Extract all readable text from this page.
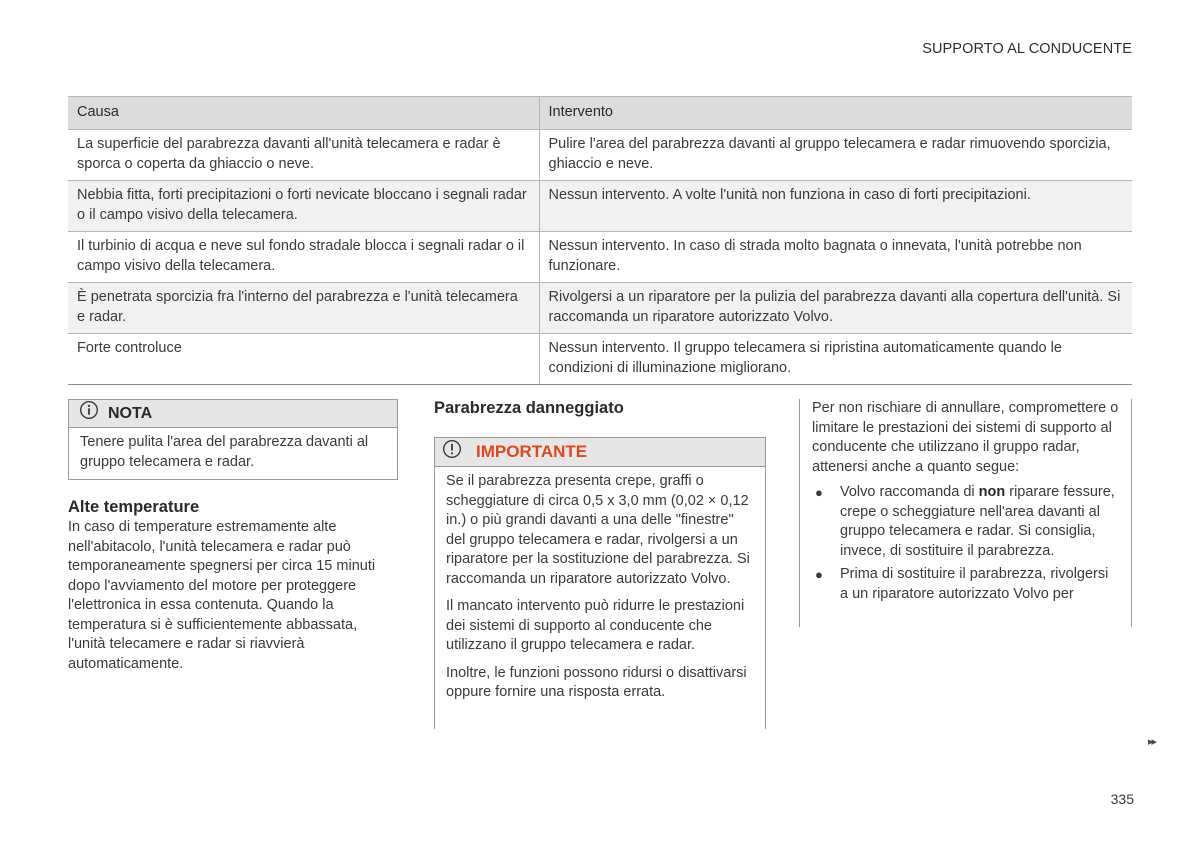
SUPPORTO AL CONDUCENTE
Causa	Intervento
La superficie del parabrezza davanti all'unità telecamera e radar è sporca o coperta da ghiaccio o neve.	Pulire l'area del parabrezza davanti al gruppo telecamera e radar rimuovendo sporcizia, ghiaccio e neve.
Nebbia fitta, forti precipitazioni o forti nevicate bloccano i segnali radar o il campo visivo della telecamera.	Nessun intervento. A volte l'unità non funziona in caso di forti precipitazioni.
Il turbinio di acqua e neve sul fondo stradale blocca i segnali radar o il campo visivo della telecamera.	Nessun intervento. In caso di strada molto bagnata o innevata, l'unità potrebbe non funzionare.
È penetrata sporcizia fra l'interno del parabrezza e l'unità telecamera e radar.	Rivolgersi a un riparatore per la pulizia del parabrezza davanti alla copertura dell'unità. Si raccomanda un riparatore autorizzato Volvo.
Forte controluce	Nessun intervento. Il gruppo telecamera si ripristina automaticamente quando le condizioni di illuminazione migliorano.
NOTA
Tenere pulita l'area del parabrezza davanti al gruppo telecamera e radar.
Alte temperature

In caso di temperature estremamente alte nell'abitacolo, l'unità telecamera e radar può temporaneamente spegnersi per circa 15 minuti dopo l'avviamento del motore per proteggere l'elettronica in essa contenuta. Quando la temperatura si è sufficientemente abbassata, l'unità telecamere e radar si riavvierà automaticamente.

Parabrezza danneggiato
IMPORTANTE

Se il parabrezza presenta crepe, graffi o scheggiature di circa 0,5 x 3,0 mm (0,02 × 0,12 in.) o più grandi davanti a una delle "finestre" del gruppo telecamera e radar, rivolgersi a un riparatore per la sostituzione del parabrezza. Si raccomanda un riparatore autorizzato Volvo.

Il mancato intervento può ridurre le prestazioni dei sistemi di supporto al conducente che utilizzano il gruppo telecamera e radar.

Inoltre, le funzioni possono ridursi o disattivarsi oppure fornire una risposta errata.

Per non rischiare di annullare, compromettere o limitare le prestazioni dei sistemi di supporto al conducente che utilizzano il gruppo radar, attenersi anche a quanto segue:

● Volvo raccomanda di non riparare fessure, crepe o scheggiature nell'area davanti al gruppo telecamera e radar. Si consiglia, invece, di sostituire il parabrezza.
● Prima di sostituire il parabrezza, rivolgersi a un riparatore autorizzato Volvo per
▸▸
335
